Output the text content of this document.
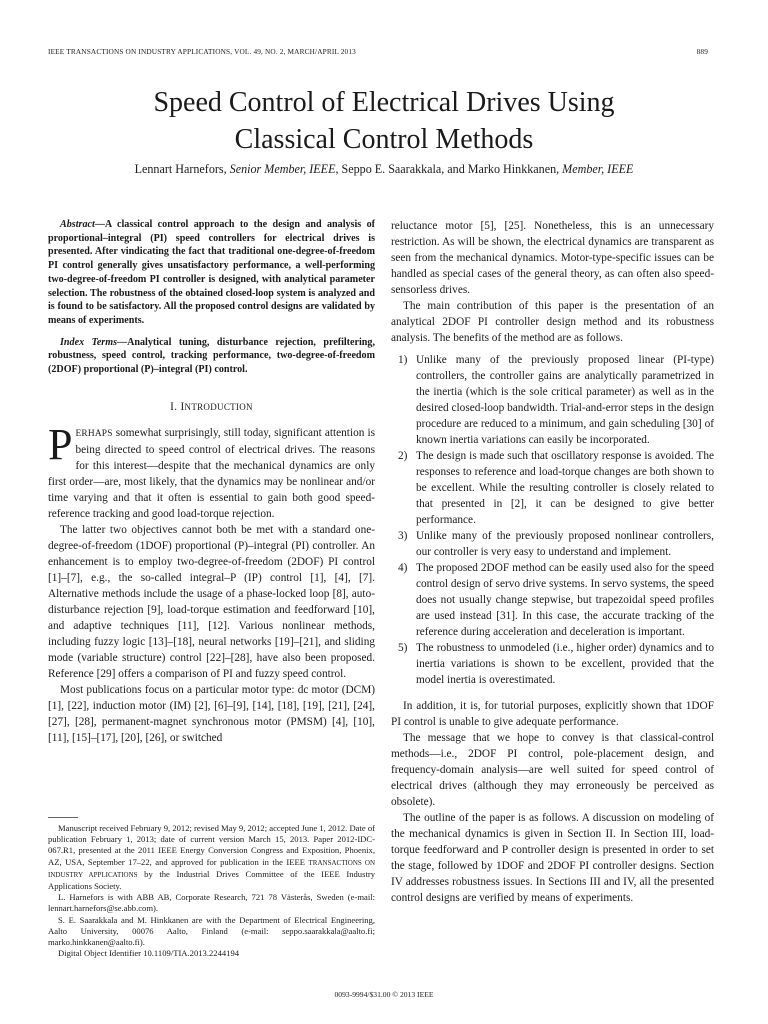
IEEE TRANSACTIONS ON INDUSTRY APPLICATIONS, VOL. 49, NO. 2, MARCH/APRIL 2013	889
Speed Control of Electrical Drives Using
Classical Control Methods
Lennart Harnefors, Senior Member, IEEE, Seppo E. Saarakkala, and Marko Hinkkanen, Member, IEEE

Abstract—A classical control approach to the design and analysis of proportional–integral (PI) speed controllers for electrical drives is presented. After vindicating the fact that traditional one-degree-of-freedom PI control generally gives unsatisfactory performance, a well-performing two-degree-of-freedom PI controller is designed, with analytical parameter selection. The robustness of the obtained closed-loop system is analyzed and is found to be satisfactory. All the proposed control designs are validated by means of experiments.

Index Terms—Analytical tuning, disturbance rejection, prefiltering, robustness, speed control, tracking performance, two-degree-of-freedom (2DOF) proportional (P)–integral (PI) control.

I. INTRODUCTION

PERHAPS somewhat surprisingly, still today, significant attention is being directed to speed control of electrical drives. The reasons for this interest—despite that the mechanical dynamics are only first order—are, most likely, that the dynamics may be nonlinear and/or time varying and that it often is essential to gain both good speed-reference tracking and good load-torque rejection.

The latter two objectives cannot both be met with a standard one-degree-of-freedom (1DOF) proportional (P)–integral (PI) controller. An enhancement is to employ two-degree-of-freedom (2DOF) PI control [1]–[7], e.g., the so-called integral–P (IP) control [1], [4], [7]. Alternative methods include the usage of a phase-locked loop [8], auto-disturbance rejection [9], load-torque estimation and feedforward [10], and adaptive techniques [11], [12]. Various nonlinear methods, including fuzzy logic [13]–[18], neural networks [19]–[21], and sliding mode (variable structure) control [22]–[28], have also been proposed. Reference [29] offers a comparison of PI and fuzzy speed control.

Most publications focus on a particular motor type: dc motor (DCM) [1], [22], induction motor (IM) [2], [6]–[9], [14], [18], [19], [21], [24], [27], [28], permanent-magnet synchronous motor (PMSM) [4], [10], [11], [15]–[17], [20], [26], or switched

Manuscript received February 9, 2012; revised May 9, 2012; accepted June 1, 2012. Date of publication February 1, 2013; date of current version March 15, 2013. Paper 2012-IDC-067.R1, presented at the 2011 IEEE Energy Conversion Congress and Exposition, Phoenix, AZ, USA, September 17–22, and approved for publication in the IEEE TRANSACTIONS ON INDUSTRY APPLICATIONS by the Industrial Drives Committee of the IEEE Industry Applications Society.

L. Harnefors is with ABB AB, Corporate Research, 721 78 Västerås, Sweden (e-mail: lennart.harnefors@se.abb.com).

S. E. Saarakkala and M. Hinkkanen are with the Department of Electrical Engineering, Aalto University, 00076 Aalto, Finland (e-mail: seppo.saarakkala@aalto.fi; marko.hinkkanen@aalto.fi).

Digital Object Identifier 10.1109/TIA.2013.2244194

reluctance motor [5], [25]. Nonetheless, this is an unnecessary restriction. As will be shown, the electrical dynamics are transparent as seen from the mechanical dynamics. Motor-type-specific issues can be handled as special cases of the general theory, as can often also speed-sensorless drives.

The main contribution of this paper is the presentation of an analytical 2DOF PI controller design method and its robustness analysis. The benefits of the method are as follows.

1) Unlike many of the previously proposed linear (PI-type) controllers, the controller gains are analytically parametrized in the inertia (which is the sole critical parameter) as well as in the desired closed-loop bandwidth. Trial-and-error steps in the design procedure are reduced to a minimum, and gain scheduling [30] of known inertia variations can easily be incorporated.
2) The design is made such that oscillatory response is avoided. The responses to reference and load-torque changes are both shown to be excellent. While the resulting controller is closely related to that presented in [2], it can be designed to give better performance.
3) Unlike many of the previously proposed nonlinear controllers, our controller is very easy to understand and implement.
4) The proposed 2DOF method can be easily used also for the speed control design of servo drive systems. In servo systems, the speed does not usually change stepwise, but trapezoidal speed profiles are used instead [31]. In this case, the accurate tracking of the reference during acceleration and deceleration is important.
5) The robustness to unmodeled (i.e., higher order) dynamics and to inertia variations is shown to be excellent, provided that the model inertia is overestimated.

In addition, it is, for tutorial purposes, explicitly shown that 1DOF PI control is unable to give adequate performance.

The message that we hope to convey is that classical-control methods—i.e., 2DOF PI control, pole-placement design, and frequency-domain analysis—are well suited for speed control of electrical drives (although they may erroneously be perceived as obsolete).

The outline of the paper is as follows. A discussion on modeling of the mechanical dynamics is given in Section II. In Section III, load-torque feedforward and P controller design is presented in order to set the stage, followed by 1DOF and 2DOF PI controller designs. Section IV addresses robustness issues. In Sections III and IV, all the presented control designs are verified by means of experiments.

0093-9994/$31.00 © 2013 IEEE
